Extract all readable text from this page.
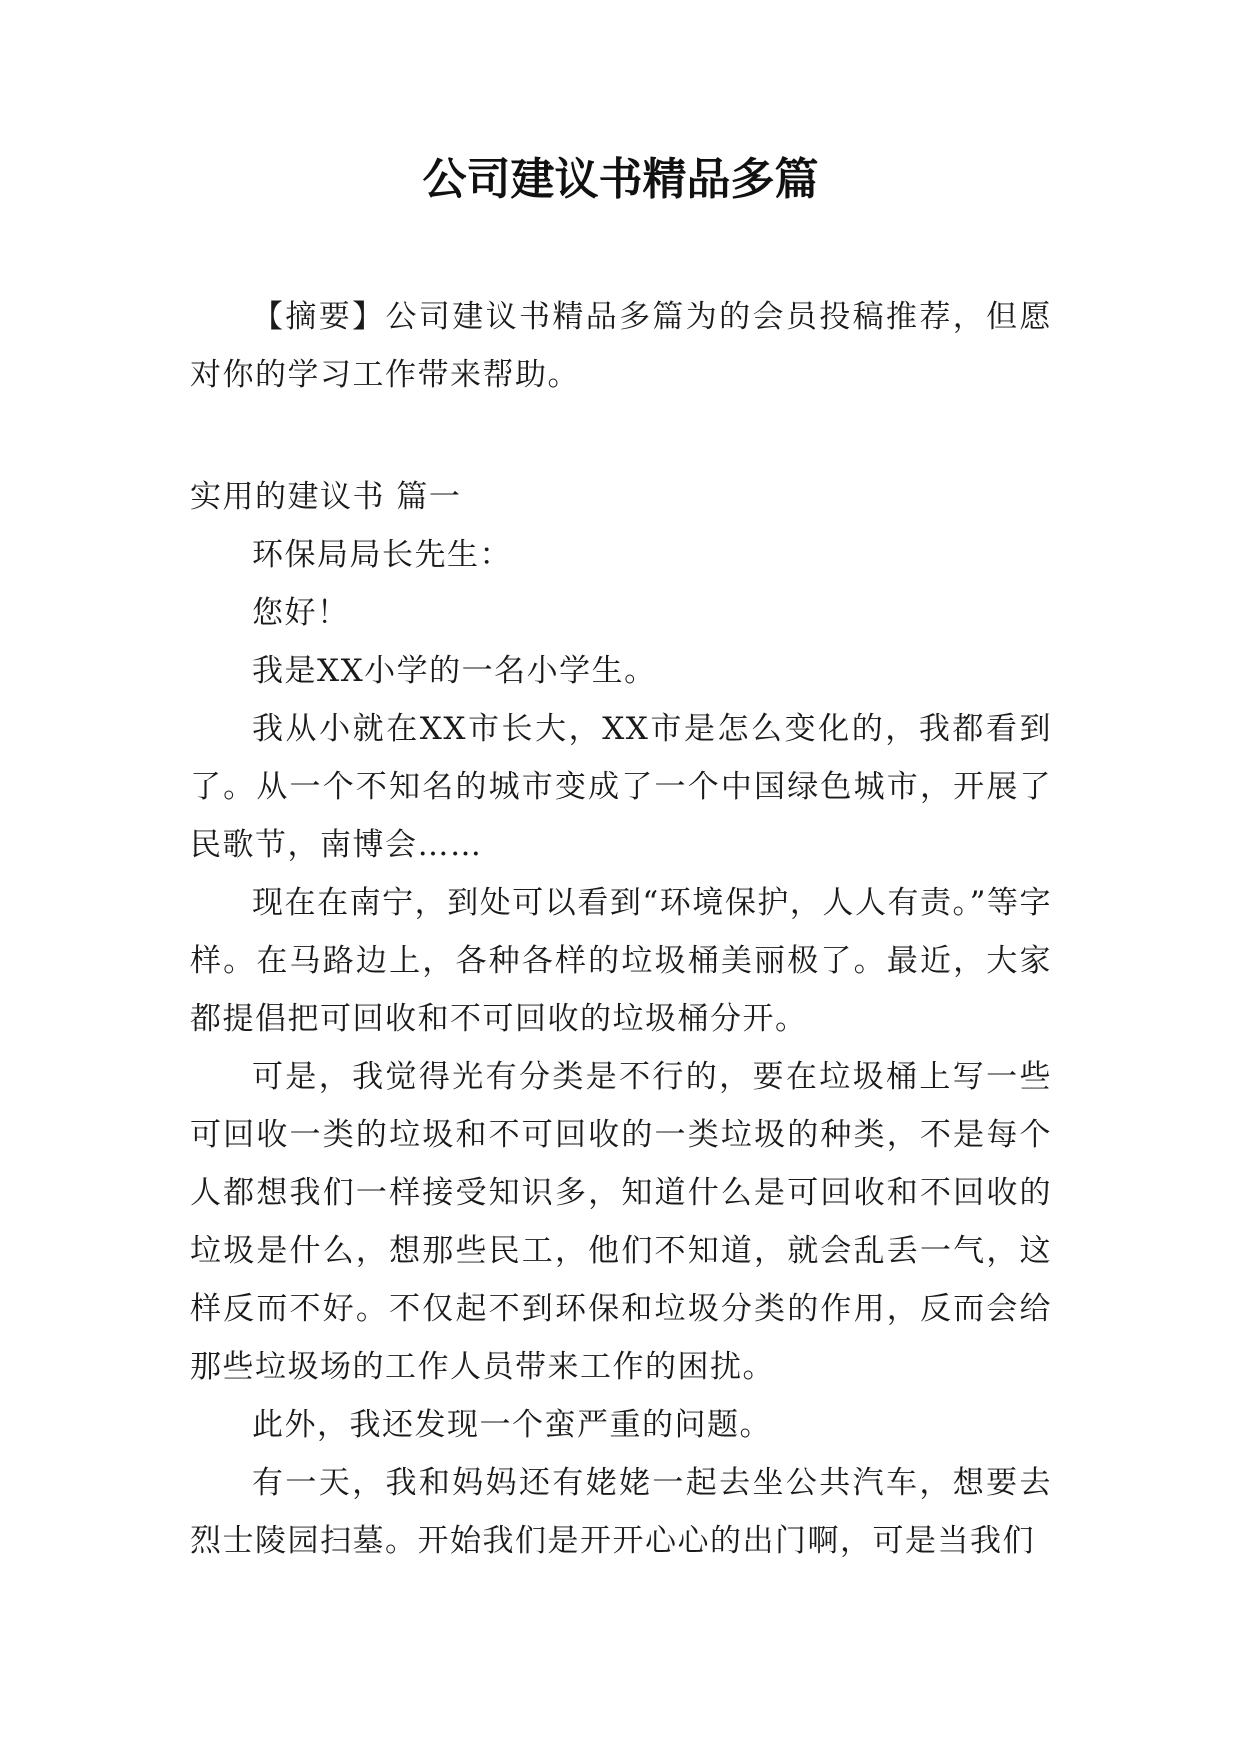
公司建议书精品多篇

【摘要】公司建议书精品多篇为的会员投稿推荐，但愿对你的学习工作带来帮助。

实用的建议书 篇一

环保局局长先生：

您好！

我是XX小学的一名小学生。

我从小就在XX市长大，XX市是怎么变化的，我都看到了。从一个不知名的城市变成了一个中国绿色城市，开展了民歌节，南博会……

现在在南宁，到处可以看到“环境保护，人人有责。”等字样。在马路边上，各种各样的垃圾桶美丽极了。最近，大家都提倡把可回收和不可回收的垃圾桶分开。

可是，我觉得光有分类是不行的，要在垃圾桶上写一些可回收一类的垃圾和不可回收的一类垃圾的种类，不是每个人都想我们一样接受知识多，知道什么是可回收和不回收的垃圾是什么，想那些民工，他们不知道，就会乱丢一气，这样反而不好。不仅起不到环保和垃圾分类的作用，反而会给那些垃圾场的工作人员带来工作的困扰。

此外，我还发现一个蛮严重的问题。

有一天，我和妈妈还有姥姥一起去坐公共汽车，想要去烈士陵园扫墓。开始我们是开开心心的出门啊，可是当我们
